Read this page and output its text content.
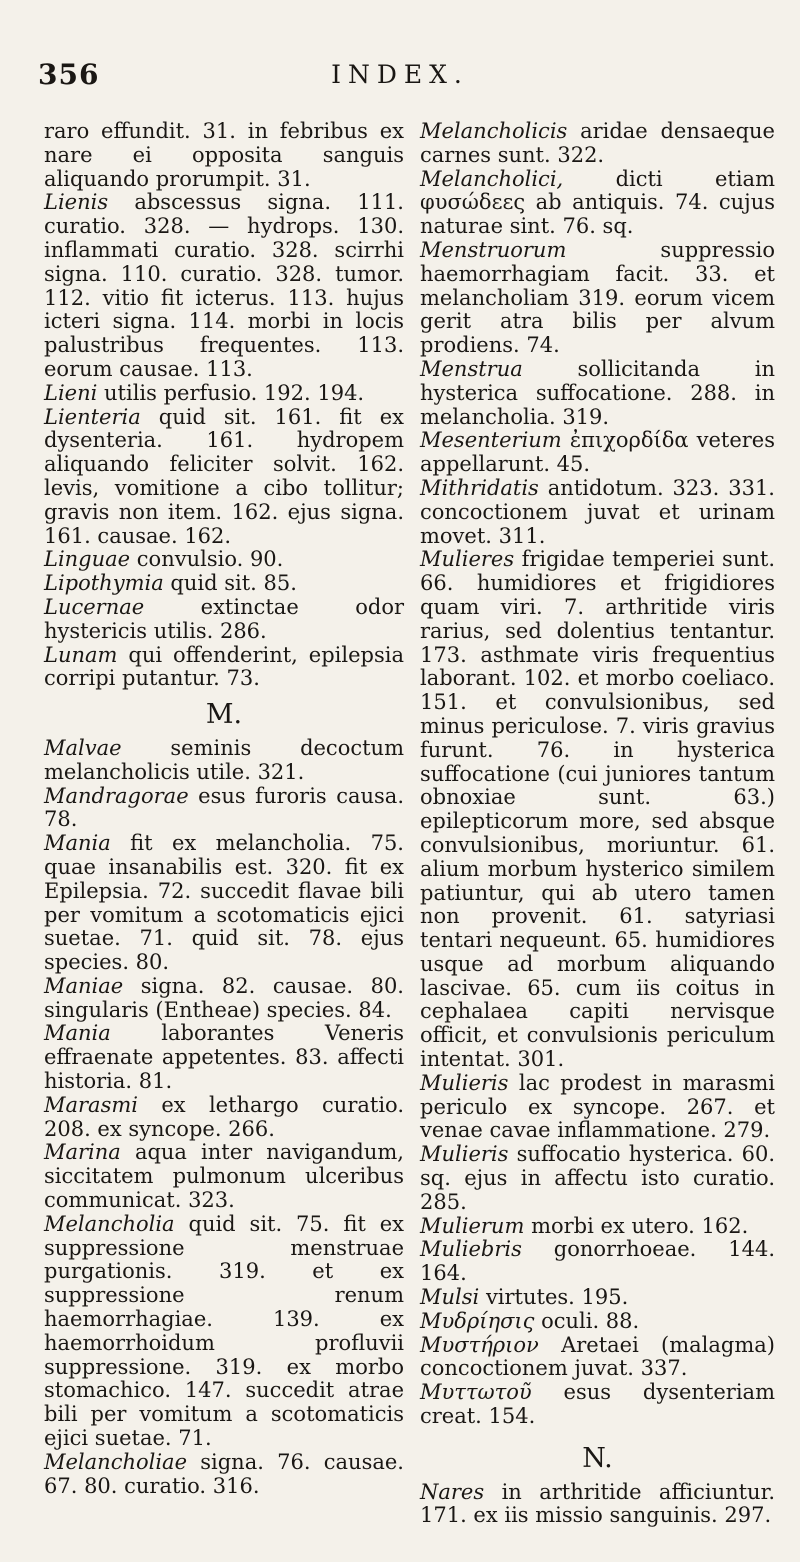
356	INDEX.

raro effundit. 31. in febribus ex nare ei opposita sanguis aliquando prorumpit. 31.

Lienis abscessus signa. 111. curatio. 328. — hydrops. 130. inflammati curatio. 328. scirrhi signa. 110. curatio. 328. tumor. 112. vitio fit icterus. 113. hujus icteri signa. 114. morbi in locis palustribus frequentes. 113. eorum causae. 113.

Lieni utilis perfusio. 192. 194.

Lienteria quid sit. 161. fit ex dysenteria. 161. hydropem aliquando feliciter solvit. 162. levis, vomitione a cibo tollitur; gravis non item. 162. ejus signa. 161. causae. 162.

Linguae convulsio. 90.

Lipothymia quid sit. 85.

Lucernae	extinctae odor hystericis utilis. 286.

Lunam qui offenderint, epilepsia corripi putantur. 73.

M.

Malvae seminis decoctum melancholicis utile. 321.

Mandragorae esus furoris causa. 78.

Mania fit ex melancholia. 75. quae insanabilis est. 320. fit ex Epilepsia. 72. succedit flavae bili per vomitum a scotomaticis ejici suetae. 71. quid sit. 78. ejus species. 80.

Maniae signa. 82. causae. 80. singularis (Entheae) species. 84.

Mania laborantes Veneris effraenate appetentes. 83. affecti historia. 81.

Marasmi ex lethargo curatio. 208. ex syncope. 266.

Marina aqua inter navigandum, siccitatem pulmonum ulceribus communicat. 323.

Melancholia quid sit. 75. fit ex suppressione menstruae purgationis. 319. et ex suppressione renum haemorrhagiae. 139. ex haemorrhoidum profluvii suppressione. 319. ex morbo stomachico. 147. succedit atrae bili per vomitum a scotomaticis ejici suetae. 71.

Melancholiae signa. 76. causae. 67. 80. curatio. 316.

Melancholicis aridae densaeque carnes sunt. 322.

Melancholici, dicti etiam φυσώδεες ab antiquis. 74. cujus naturae sint. 76. sq.

Menstruorum	suppressio haemorrhagiam facit. 33. et melancholiam 319. eorum vicem gerit atra bilis per alvum prodiens. 74.

Menstrua	sollicitanda in hysterica suffocatione. 288. in melancholia. 319.

Mesenterium ἐπιχορδίδα veteres appellarunt. 45.

Mithridatis antidotum. 323. 331. concoctionem juvat et urinam movet. 311.

Mulieres frigidae temperiei sunt. 66. humidiores et frigidiores quam viri. 7. arthritide viris rarius, sed dolentius tentantur. 173. asthmate viris frequentius laborant. 102. et morbo coeliaco. 151. et convulsionibus, sed minus periculose. 7. viris gravius furunt. 76. in hysterica suffocatione (cui juniores tantum obnoxiae sunt. 63.) epilepticorum more, sed absque convulsionibus, moriuntur. 61. alium morbum hysterico similem patiuntur, qui ab utero tamen non provenit. 61. satyriasi tentari nequeunt. 65. humidiores usque ad morbum aliquando lascivae. 65. cum iis coitus in cephalaea capiti nervisque officit, et convulsionis periculum intentat. 301.

Mulieris lac prodest in marasmi periculo ex syncope. 267. et venae cavae inflammatione. 279.

Mulieris suffocatio hysterica. 60. sq. ejus in affectu isto curatio. 285.

Mulierum morbi ex utero. 162.

Muliebris gonorrhoeae. 144. 164.

Mulsi virtutes. 195.

Μυδρίησις oculi. 88.

Μυστήριον Aretaei (malagma) concoctionem juvat. 337.

Μυττωτοῦ esus dysenteriam creat. 154.

N.

Nares in arthritide afficiuntur. 171. ex iis missio sanguinis. 297.
